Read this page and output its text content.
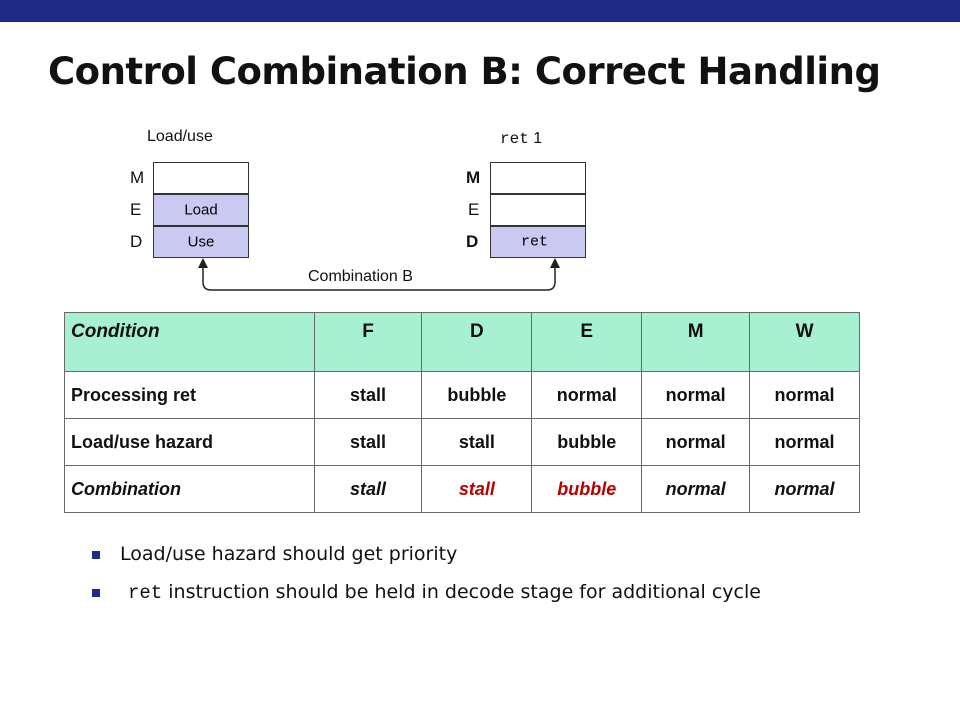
Control Combination B: Correct Handling
Load/use
M
E
D
Load
Use
ret 1
M
E
D	ret
Combination B
Condition	F	D	E	M	W
Processing ret	stall	bubble	normal	normal	normal
Load/use hazard	stall	stall	bubble	normal	normal
Combination	stall	stall	bubble	normal	normal
Load/use hazard should get priority
ret instruction should be held in decode stage for additional cycle
